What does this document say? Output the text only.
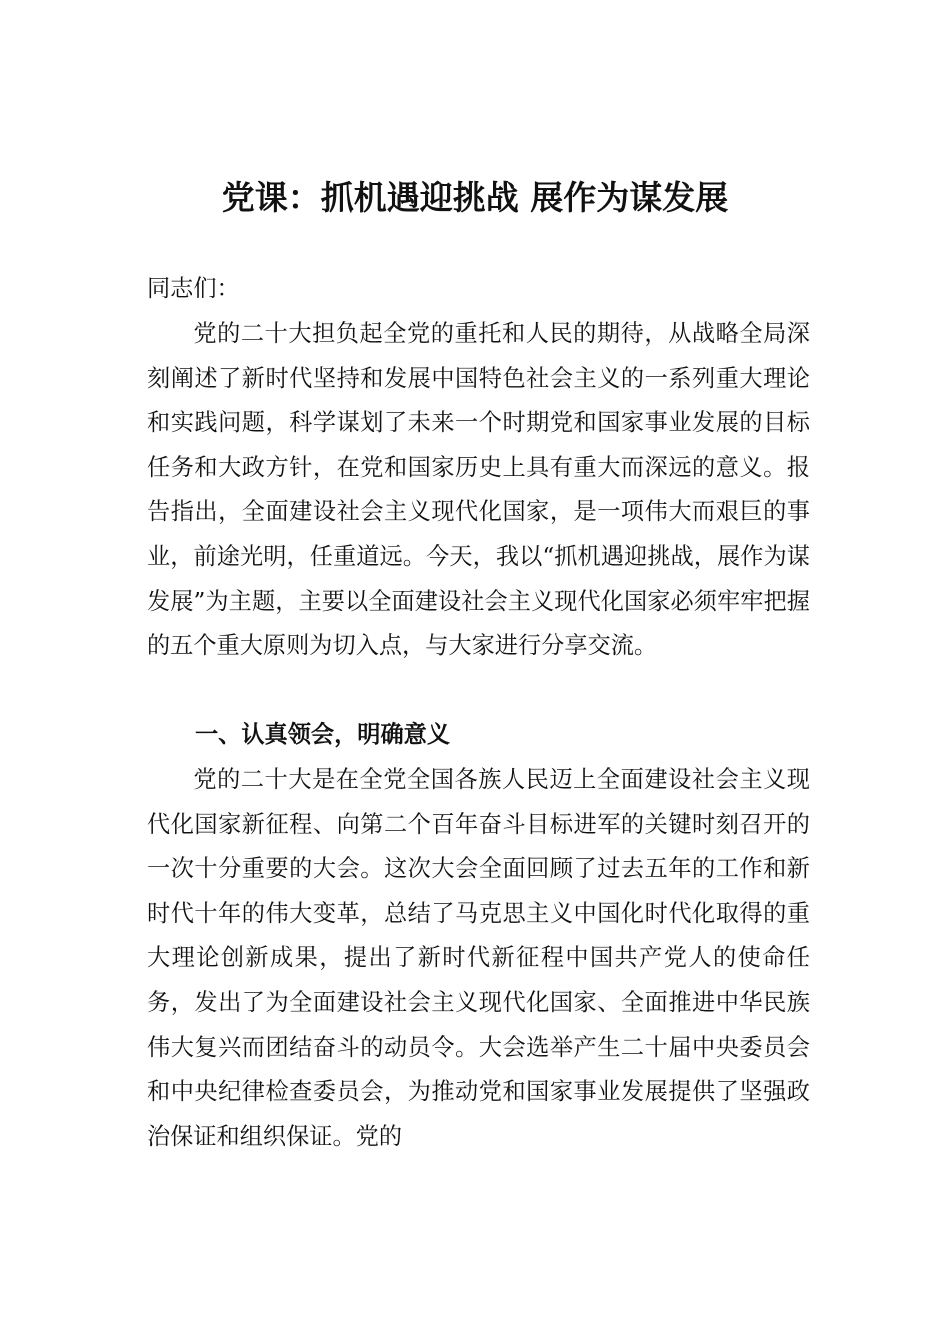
党课：抓机遇迎挑战 展作为谋发展

同志们：

党的二十大担负起全党的重托和人民的期待，从战略全局深刻阐述了新时代坚持和发展中国特色社会主义的一系列重大理论和实践问题，科学谋划了未来一个时期党和国家事业发展的目标任务和大政方针，在党和国家历史上具有重大而深远的意义。报告指出，全面建设社会主义现代化国家，是一项伟大而艰巨的事业，前途光明，任重道远。今天，我以“抓机遇迎挑战，展作为谋发展”为主题，主要以全面建设社会主义现代化国家必须牢牢把握的五个重大原则为切入点，与大家进行分享交流。

一、认真领会，明确意义

党的二十大是在全党全国各族人民迈上全面建设社会主义现代化国家新征程、向第二个百年奋斗目标进军的关键时刻召开的一次十分重要的大会。这次大会全面回顾了过去五年的工作和新时代十年的伟大变革，总结了马克思主义中国化时代化取得的重大理论创新成果，提出了新时代新征程中国共产党人的使命任务，发出了为全面建设社会主义现代化国家、全面推进中华民族伟大复兴而团结奋斗的动员令。大会选举产生二十届中央委员会和中央纪律检查委员会，为推动党和国家事业发展提供了坚强政治保证和组织保证。党的
